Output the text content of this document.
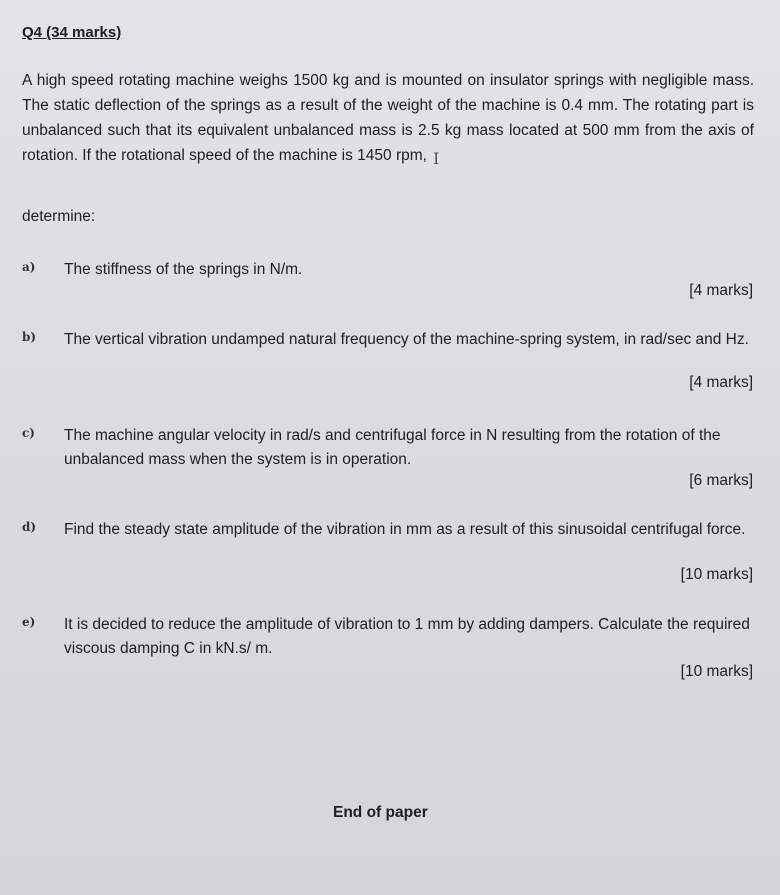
Q4 (34 marks)
A high speed rotating machine weighs 1500 kg and is mounted on insulator springs with negligible mass. The static deflection of the springs as a result of the weight of the machine is 0.4 mm. The rotating part is unbalanced such that its equivalent unbalanced mass is 2.5 kg mass located at 500 mm from the axis of rotation. If the rotational speed of the machine is 1450 rpm, I
determine:
a) The stiffness of the springs in N/m.
[4 marks]
b) The vertical vibration undamped natural frequency of the machine-spring system, in rad/sec and Hz.
[4 marks]
c) The machine angular velocity in rad/s and centrifugal force in N resulting from the rotation of the unbalanced mass when the system is in operation.
[6 marks]
d) Find the steady state amplitude of the vibration in mm as a result of this sinusoidal centrifugal force.
[10 marks]
e) It is decided to reduce the amplitude of vibration to 1 mm by adding dampers. Calculate the required viscous damping C in kN.s/ m.
[10 marks]
End of paper
